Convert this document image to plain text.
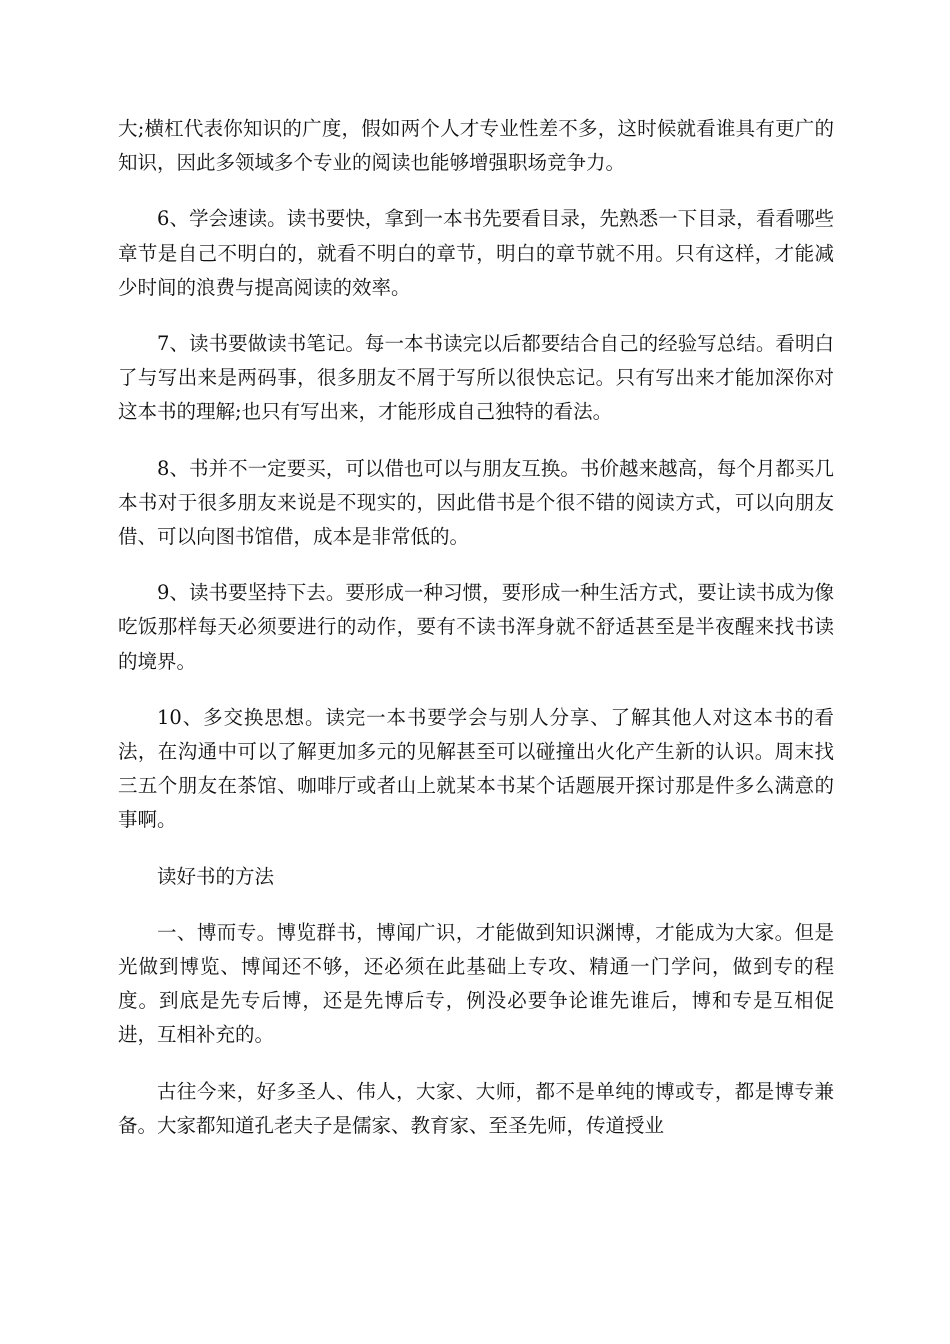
大;横杠代表你知识的广度，假如两个人才专业性差不多，这时候就看谁具有更广的知识，因此多领域多个专业的阅读也能够增强职场竞争力。

6、学会速读。读书要快，拿到一本书先要看目录，先熟悉一下目录，看看哪些章节是自己不明白的，就看不明白的章节，明白的章节就不用。只有这样，才能减少时间的浪费与提高阅读的效率。

7、读书要做读书笔记。每一本书读完以后都要结合自己的经验写总结。看明白了与写出来是两码事，很多朋友不屑于写所以很快忘记。只有写出来才能加深你对这本书的理解;也只有写出来，才能形成自己独特的看法。

8、书并不一定要买，可以借也可以与朋友互换。书价越来越高，每个月都买几本书对于很多朋友来说是不现实的，因此借书是个很不错的阅读方式，可以向朋友借、可以向图书馆借，成本是非常低的。

9、读书要坚持下去。要形成一种习惯，要形成一种生活方式，要让读书成为像吃饭那样每天必须要进行的动作，要有不读书浑身就不舒适甚至是半夜醒来找书读的境界。

10、多交换思想。读完一本书要学会与别人分享、了解其他人对这本书的看法，在沟通中可以了解更加多元的见解甚至可以碰撞出火化产生新的认识。周末找三五个朋友在茶馆、咖啡厅或者山上就某本书某个话题展开探讨那是件多么满意的事啊。

读好书的方法

一、博而专。博览群书，博闻广识，才能做到知识渊博，才能成为大家。但是光做到博览、博闻还不够，还必须在此基础上专攻、精通一门学问，做到专的程度。到底是先专后博，还是先博后专，例没必要争论谁先谁后，博和专是互相促进，互相补充的。

古往今来，好多圣人、伟人，大家、大师，都不是单纯的博或专，都是博专兼备。大家都知道孔老夫子是儒家、教育家、至圣先师，传道授业
